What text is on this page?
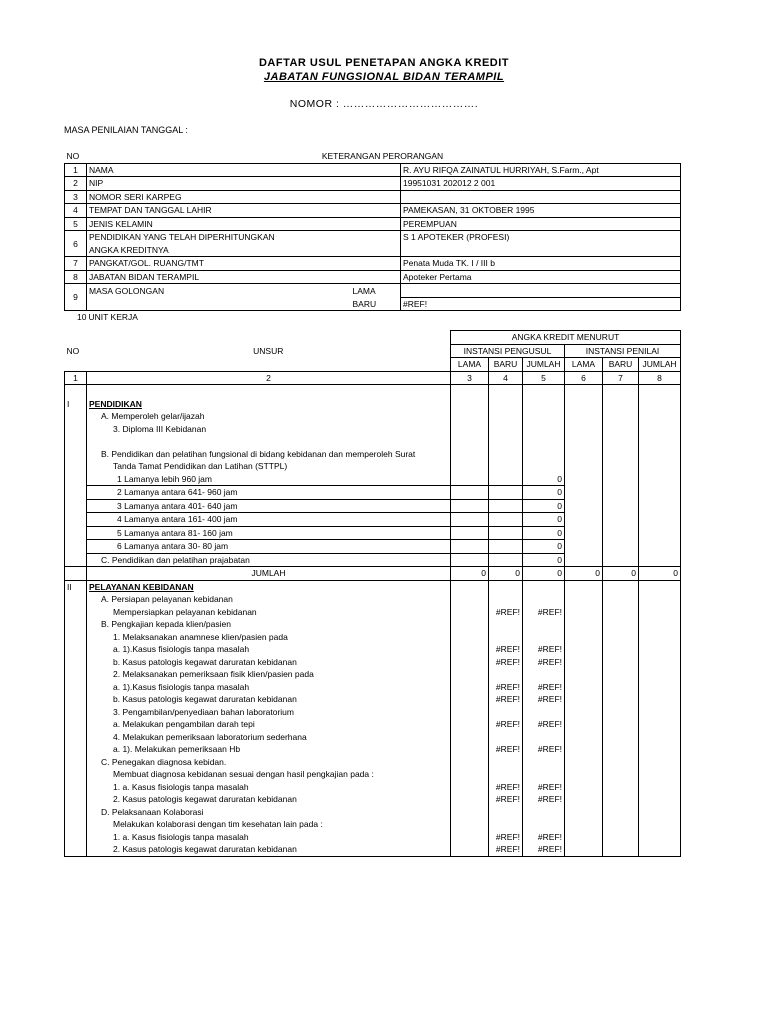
DAFTAR USUL PENETAPAN ANGKA KREDIT
JABATAN FUNGSIONAL BIDAN TERAMPIL
NOMOR : ……………………………….
MASA PENILAIAN TANGGAL :
NO	KETERANGAN PERORANGAN		
1	NAMA		R. AYU RIFQA ZAINATUL HURRIYAH, S.Farm., Apt
2	NIP		19951031 202012 2 001
3	NOMOR SERI KARPEG		
4	TEMPAT DAN TANGGAL LAHIR		PAMEKASAN, 31 OKTOBER 1995
5	JENIS KELAMIN		PEREMPUAN
6	PENDIDIKAN YANG TELAH DIPERHITUNGKAN		S 1 APOTEKER (PROFESI)
	ANGKA KREDITNYA		
7	PANGKAT/GOL. RUANG/TMT		Penata Muda TK. I / III b
8	JABATAN BIDAN TERAMPIL		Apoteker Pertama
9	MASA GOLONGAN	LAMA	
		BARU	#REF!
10	UNIT KERJA		
NO	UNSUR	ANGKA KREDIT MENURUT					
		INSTANSI PENGUSUL			INSTANSI PENILAI		
		LAMA	BARU	JUMLAH	LAMA	BARU	JUMLAH
1	2	3	4	5	6	7	8

I	PENDIDIKAN						
	A. Memperoleh gelar/ijazah						
	3. Diploma III Kebidanan						

	B. Pendidikan dan pelatihan fungsional di bidang kebidanan dan memperoleh Surat						
	Tanda Tamat Pendidikan dan Latihan (STTPL)						
	1 Lamanya lebih 960 jam			0			
	2 Lamanya antara 641- 960 jam			0			
	3 Lamanya antara 401- 640 jam			0			
	4 Lamanya antara 161- 400 jam			0			
	5 Lamanya antara 81- 160 jam			0			
	6 Lamanya antara 30- 80 jam			0			
	C. Pendidikan dan pelatihan prajabatan			0			
	JUMLAH	0	0	0	0	0	0
II	PELAYANAN KEBIDANAN						
	A. Persiapan pelayanan kebidanan						
	Mempersiapkan pelayanan kebidanan		#REF!	#REF!			
	B. Pengkajian kepada klien/pasien						
	1. Melaksanakan anamnese klien/pasien pada						
	a. 1).Kasus fisiologis tanpa masalah		#REF!	#REF!			
	b. Kasus patologis kegawat daruratan kebidanan		#REF!	#REF!			
	2. Melaksanakan pemeriksaan fisik klien/pasien pada						
	a. 1).Kasus fisiologis tanpa masalah		#REF!	#REF!			
	b. Kasus patologis kegawat daruratan kebidanan		#REF!	#REF!			
	3. Pengambilan/penyediaan bahan laboratorium						
	a. Melakukan pengambilan darah tepi		#REF!	#REF!			
	4. Melakukan pemeriksaan laboratorium sederhana						
	a. 1). Melakukan pemeriksaan Hb		#REF!	#REF!			
	C. Penegakan diagnosa kebidan.						
	Membuat diagnosa kebidanan sesuai dengan hasil pengkajian pada :						
	1. a. Kasus fisiologis tanpa masalah		#REF!	#REF!			
	2. Kasus patologis kegawat daruratan kebidanan		#REF!	#REF!			
	D. Pelaksanaan Kolaborasi						
	Melakukan kolaborasi dengan tim kesehatan lain pada :						
	1. a. Kasus fisiologis tanpa masalah		#REF!	#REF!			
	2. Kasus patologis kegawat daruratan kebidanan		#REF!	#REF!			
